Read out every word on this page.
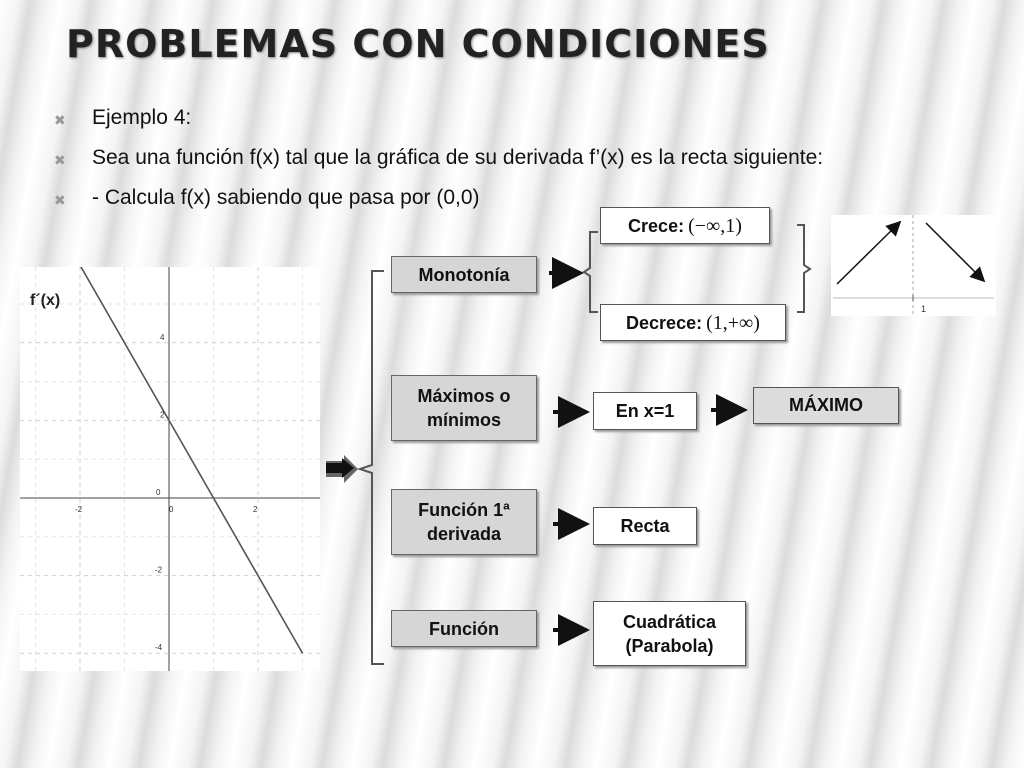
PROBLEMAS CON CONDICIONES
✖ Ejemplo 4:
✖ Sea una función f(x) tal que la gráfica de su derivada f’(x) es la recta siguiente:
✖ - Calcula f(x) sabiendo que pasa por (0,0)
-2	0	2
4
2
0
-2
-4
f´(x)
Monotonía
Máximos o mínimos
Función 1ª derivada
Función
Crece: (−∞,1)
Decrece: (1,+∞)
En x=1	MÁXIMO
Recta
Cuadrática
(Parabola)
1
